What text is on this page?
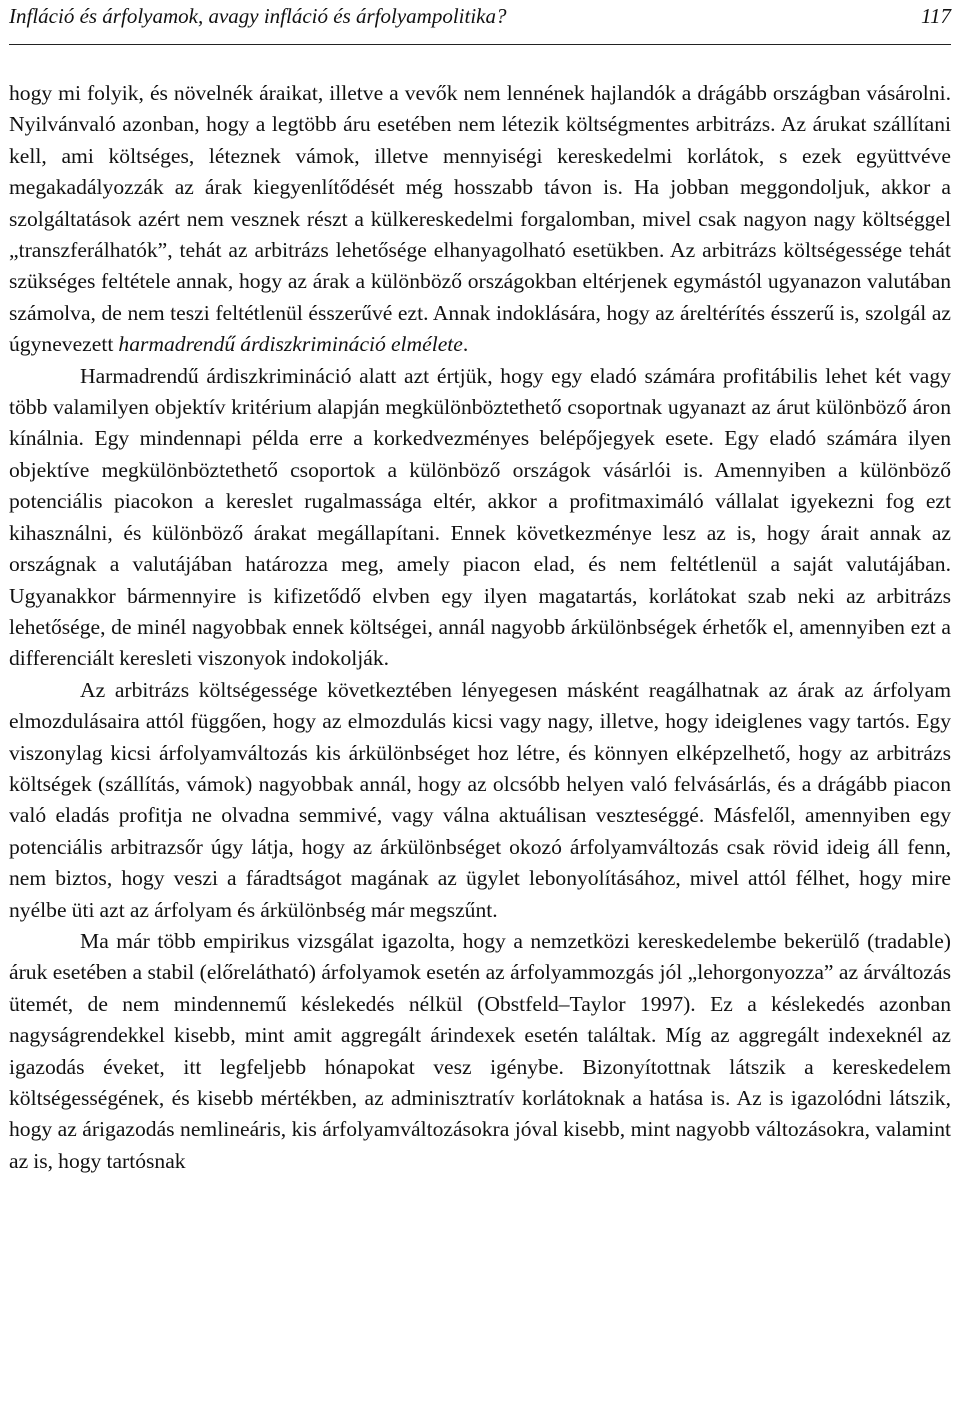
Infláció és árfolyamok, avagy infláció és árfolyampolitika?	117

hogy mi folyik, és növelnék áraikat, illetve a vevők nem lennének hajlandók a drágább országban vásárolni. Nyilvánvaló azonban, hogy a legtöbb áru esetében nem létezik költségmentes arbitrázs. Az árukat szállítani kell, ami költséges, léteznek vámok, illetve mennyiségi kereskedelmi korlátok, s ezek együttvéve megakadályozzák az árak kiegyenlítődését még hosszabb távon is. Ha jobban meggondoljuk, akkor a szolgáltatások azért nem vesznek részt a külkereskedelmi forgalomban, mivel csak nagyon nagy költséggel „transzferálhatók”, tehát az arbitrázs lehetősége elhanyagolható esetükben. Az arbitrázs költségessége tehát szükséges feltétele annak, hogy az árak a különböző országokban eltérjenek egymástól ugyanazon valutában számolva, de nem teszi feltétlenül ésszerűvé ezt. Annak indoklására, hogy az áreltérítés ésszerű is, szolgál az úgynevezett harmadrendű árdiszkrimináció elmélete.

Harmadrendű árdiszkrimináció alatt azt értjük, hogy egy eladó számára profitábilis lehet két vagy több valamilyen objektív kritérium alapján megkülönböztethető csoportnak ugyanazt az árut különböző áron kínálnia. Egy mindennapi példa erre a korkedvezményes belépőjegyek esete. Egy eladó számára ilyen objektíve megkülönböztethető csoportok a különböző országok vásárlói is. Amennyiben a különböző potenciális piacokon a kereslet rugalmassága eltér, akkor a profitmaximáló vállalat igyekezni fog ezt kihasználni, és különböző árakat megállapítani. Ennek következménye lesz az is, hogy árait annak az országnak a valutájában határozza meg, amely piacon elad, és nem feltétlenül a saját valutájában. Ugyanakkor bármennyire is kifizetődő elvben egy ilyen magatartás, korlátokat szab neki az arbitrázs lehetősége, de minél nagyobbak ennek költségei, annál nagyobb árkülönbségek érhetők el, amennyiben ezt a differenciált keresleti viszonyok indokolják.

Az arbitrázs költségessége következtében lényegesen másként reagálhatnak az árak az árfolyam elmozdulásaira attól függően, hogy az elmozdulás kicsi vagy nagy, illetve, hogy ideiglenes vagy tartós. Egy viszonylag kicsi árfolyamváltozás kis árkülönbséget hoz létre, és könnyen elképzelhető, hogy az arbitrázs költségek (szállítás, vámok) nagyobbak annál, hogy az olcsóbb helyen való felvásárlás, és a drágább piacon való eladás profitja ne olvadna semmivé, vagy válna aktuálisan veszteséggé. Másfelől, amennyiben egy potenciális arbitrazsőr úgy látja, hogy az árkülönbséget okozó árfolyamváltozás csak rövid ideig áll fenn, nem biztos, hogy veszi a fáradtságot magának az ügylet lebonyolításához, mivel attól félhet, hogy mire nyélbe üti azt az árfolyam és árkülönbség már megszűnt.

Ma már több empirikus vizsgálat igazolta, hogy a nemzetközi kereskedelembe bekerülő (tradable) áruk esetében a stabil (előrelátható) árfolyamok esetén az árfolyammozgás jól „lehorgonyozza” az árváltozás ütemét, de nem mindennemű késlekedés nélkül (Obstfeld–Taylor 1997). Ez a késlekedés azonban nagyságrendekkel kisebb, mint amit aggregált árindexek esetén találtak. Míg az aggregált indexeknél az igazodás éveket, itt legfeljebb hónapokat vesz igénybe. Bizonyítottnak látszik a kereskedelem költségességének, és kisebb mértékben, az adminisztratív korlátoknak a hatása is. Az is igazolódni látszik, hogy az árigazodás nemlineáris, kis árfolyamváltozásokra jóval kisebb, mint nagyobb változásokra, valamint az is, hogy tartósnak
